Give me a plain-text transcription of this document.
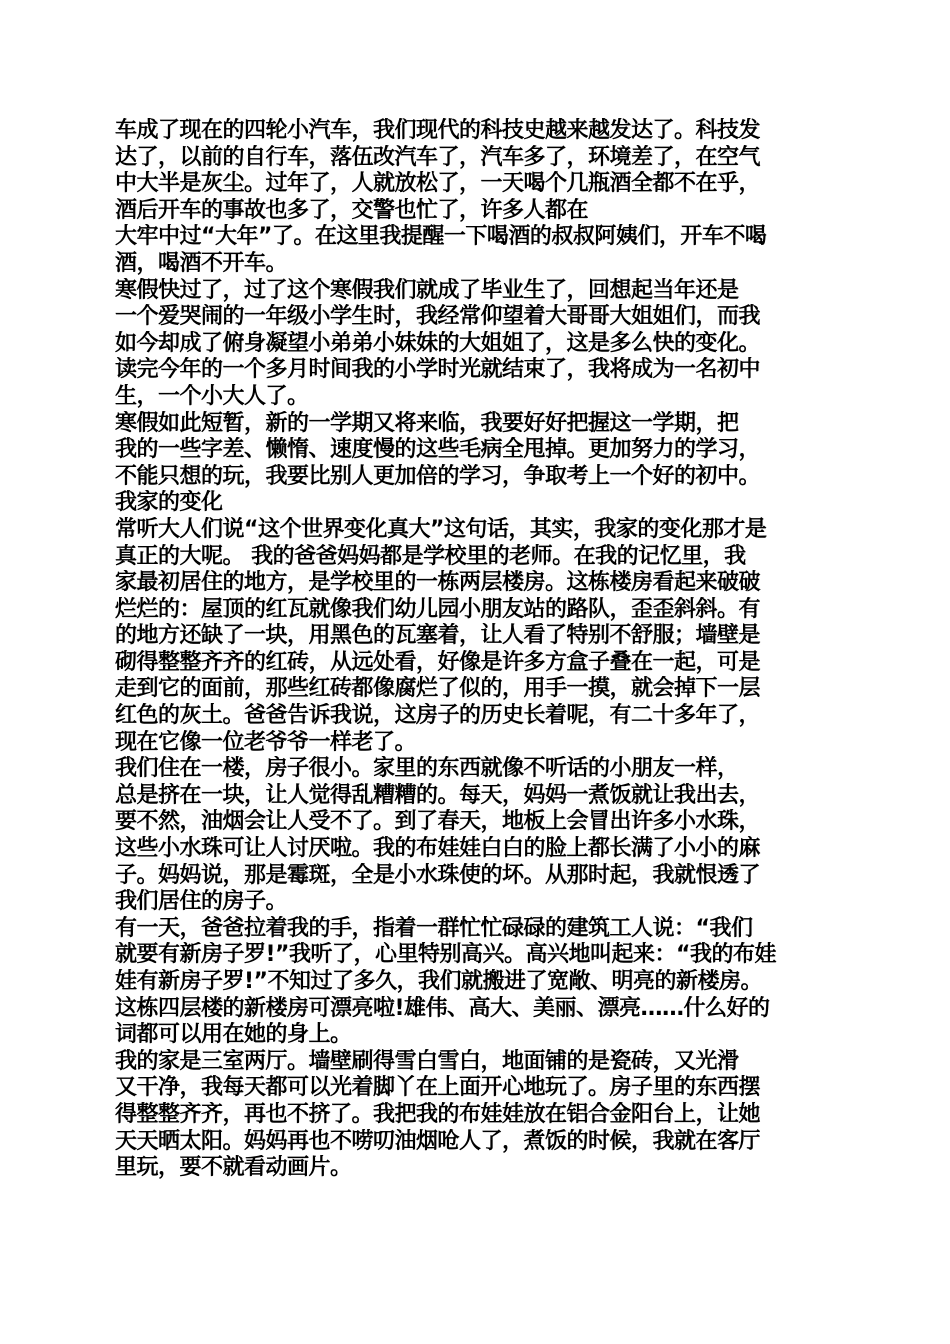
车成了现在的四轮小汽车，我们现代的科技史越来越发达了。科技发
达了，以前的自行车，落伍改汽车了，汽车多了，环境差了，在空气
中大半是灰尘。过年了，人就放松了，一天喝个几瓶酒全都不在乎，
酒后开车的事故也多了，交警也忙了，许多人都在
大牢中过“大年”了。在这里我提醒一下喝酒的叔叔阿姨们，开车不喝
酒，喝酒不开车。
寒假快过了，过了这个寒假我们就成了毕业生了，回想起当年还是
一个爱哭闹的一年级小学生时，我经常仰望着大哥哥大姐姐们，而我
如今却成了俯身凝望小弟弟小妹妹的大姐姐了，这是多么快的变化。
读完今年的一个多月时间我的小学时光就结束了，我将成为一名初中
生，一个小大人了。
寒假如此短暂，新的一学期又将来临，我要好好把握这一学期，把
我的一些字差、懒惰、速度慢的这些毛病全甩掉。更加努力的学习，
不能只想的玩，我要比别人更加倍的学习，争取考上一个好的初中。
我家的变化
常听大人们说“这个世界变化真大”这句话，其实，我家的变化那才是
真正的大呢。 我的爸爸妈妈都是学校里的老师。在我的记忆里，我
家最初居住的地方，是学校里的一栋两层楼房。这栋楼房看起来破破
烂烂的：屋顶的红瓦就像我们幼儿园小朋友站的路队，歪歪斜斜。有
的地方还缺了一块，用黑色的瓦塞着，让人看了特别不舒服；墙壁是
砌得整整齐齐的红砖，从远处看，好像是许多方盒子叠在一起，可是
走到它的面前，那些红砖都像腐烂了似的，用手一摸，就会掉下一层
红色的灰土。爸爸告诉我说，这房子的历史长着呢，有二十多年了，
现在它像一位老爷爷一样老了。
我们住在一楼，房子很小。家里的东西就像不听话的小朋友一样，
总是挤在一块，让人觉得乱糟糟的。每天，妈妈一煮饭就让我出去，
要不然，油烟会让人受不了。到了春天，地板上会冒出许多小水珠，
这些小水珠可让人讨厌啦。我的布娃娃白白的脸上都长满了小小的麻
子。妈妈说，那是霉斑，全是小水珠使的坏。从那时起，我就恨透了
我们居住的房子。
有一天，爸爸拉着我的手，指着一群忙忙碌碌的建筑工人说：“我们
就要有新房子罗!”我听了，心里特别高兴。高兴地叫起来：“我的布娃
娃有新房子罗!”不知过了多久，我们就搬进了宽敞、明亮的新楼房。
这栋四层楼的新楼房可漂亮啦!雄伟、高大、美丽、漂亮……什么好的
词都可以用在她的身上。
我的家是三室两厅。墙壁刷得雪白雪白，地面铺的是瓷砖，又光滑
又干净，我每天都可以光着脚丫在上面开心地玩了。房子里的东西摆
得整整齐齐，再也不挤了。我把我的布娃娃放在铝合金阳台上，让她
天天晒太阳。妈妈再也不唠叨油烟呛人了，煮饭的时候，我就在客厅
里玩，要不就看动画片。
